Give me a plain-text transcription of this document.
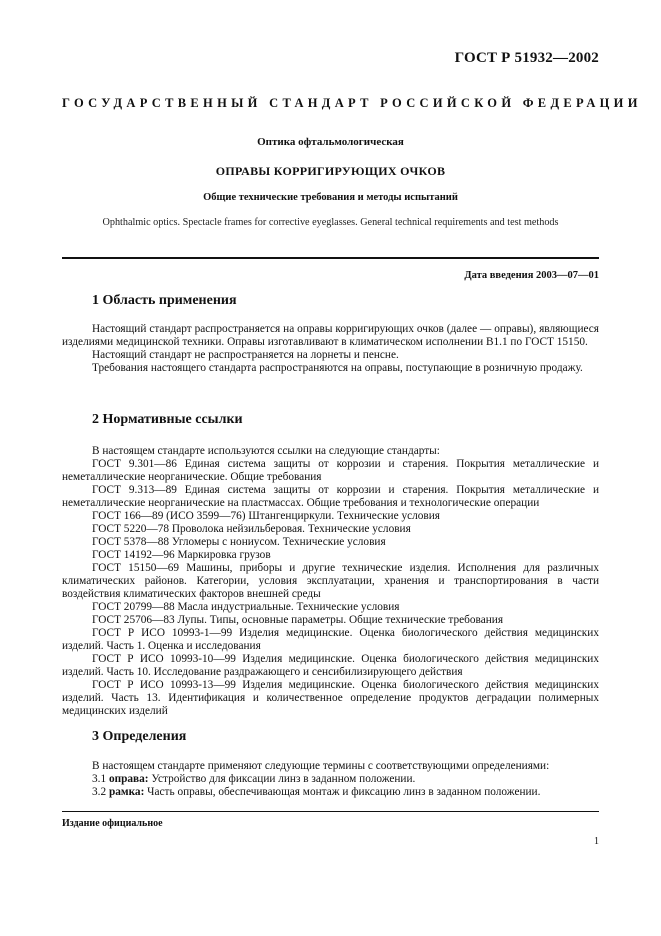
ГОСТ Р 51932—2002
ГОСУДАРСТВЕННЫЙ СТАНДАРТ РОССИЙСКОЙ ФЕДЕРАЦИИ
Оптика офтальмологическая
ОПРАВЫ КОРРИГИРУЮЩИХ ОЧКОВ
Общие технические требования и методы испытаний
Ophthalmic optics. Spectacle frames for corrective eyeglasses. General technical requirements and test methods
Дата введения 2003—07—01
1 Область применения

Настоящий стандарт распространяется на оправы корригирующих очков (далее — оправы), являющиеся изделиями медицинской техники. Оправы изготавливают в климатическом исполнении В1.1 по ГОСТ 15150.

Настоящий стандарт не распространяется на лорнеты и пенсне.

Требования настоящего стандарта распространяются на оправы, поступающие в розничную продажу.

2 Нормативные ссылки

В настоящем стандарте используются ссылки на следующие стандарты:

ГОСТ 9.301—86 Единая система защиты от коррозии и старения. Покрытия металлические и неметаллические неорганические. Общие требования

ГОСТ 9.313—89 Единая система защиты от коррозии и старения. Покрытия металлические и неметаллические неорганические на пластмассах. Общие требования и технологические операции

ГОСТ 166—89 (ИСО 3599—76) Штангенциркули. Технические условия

ГОСТ 5220—78 Проволока нейзильберовая. Технические условия

ГОСТ 5378—88 Угломеры с нониусом. Технические условия

ГОСТ 14192—96 Маркировка грузов

ГОСТ 15150—69 Машины, приборы и другие технические изделия. Исполнения для различных климатических районов. Категории, условия эксплуатации, хранения и транспортирования в части воздействия климатических факторов внешней среды

ГОСТ 20799—88 Масла индустриальные. Технические условия

ГОСТ 25706—83 Лупы. Типы, основные параметры. Общие технические требования

ГОСТ Р ИСО 10993-1—99 Изделия медицинские. Оценка биологического действия медицинских изделий. Часть 1. Оценка и исследования

ГОСТ Р ИСО 10993-10—99 Изделия медицинские. Оценка биологического действия медицинских изделий. Часть 10. Исследование раздражающего и сенсибилизирующего действия

ГОСТ Р ИСО 10993-13—99 Изделия медицинские. Оценка биологического действия медицинских изделий. Часть 13. Идентификация и количественное определение продуктов деградации полимерных медицинских изделий

3 Определения

В настоящем стандарте применяют следующие термины с соответствующими определениями:

3.1 оправа: Устройство для фиксации линз в заданном положении.

3.2 рамка: Часть оправы, обеспечивающая монтаж и фиксацию линз в заданном положении.

Издание официальное
1
